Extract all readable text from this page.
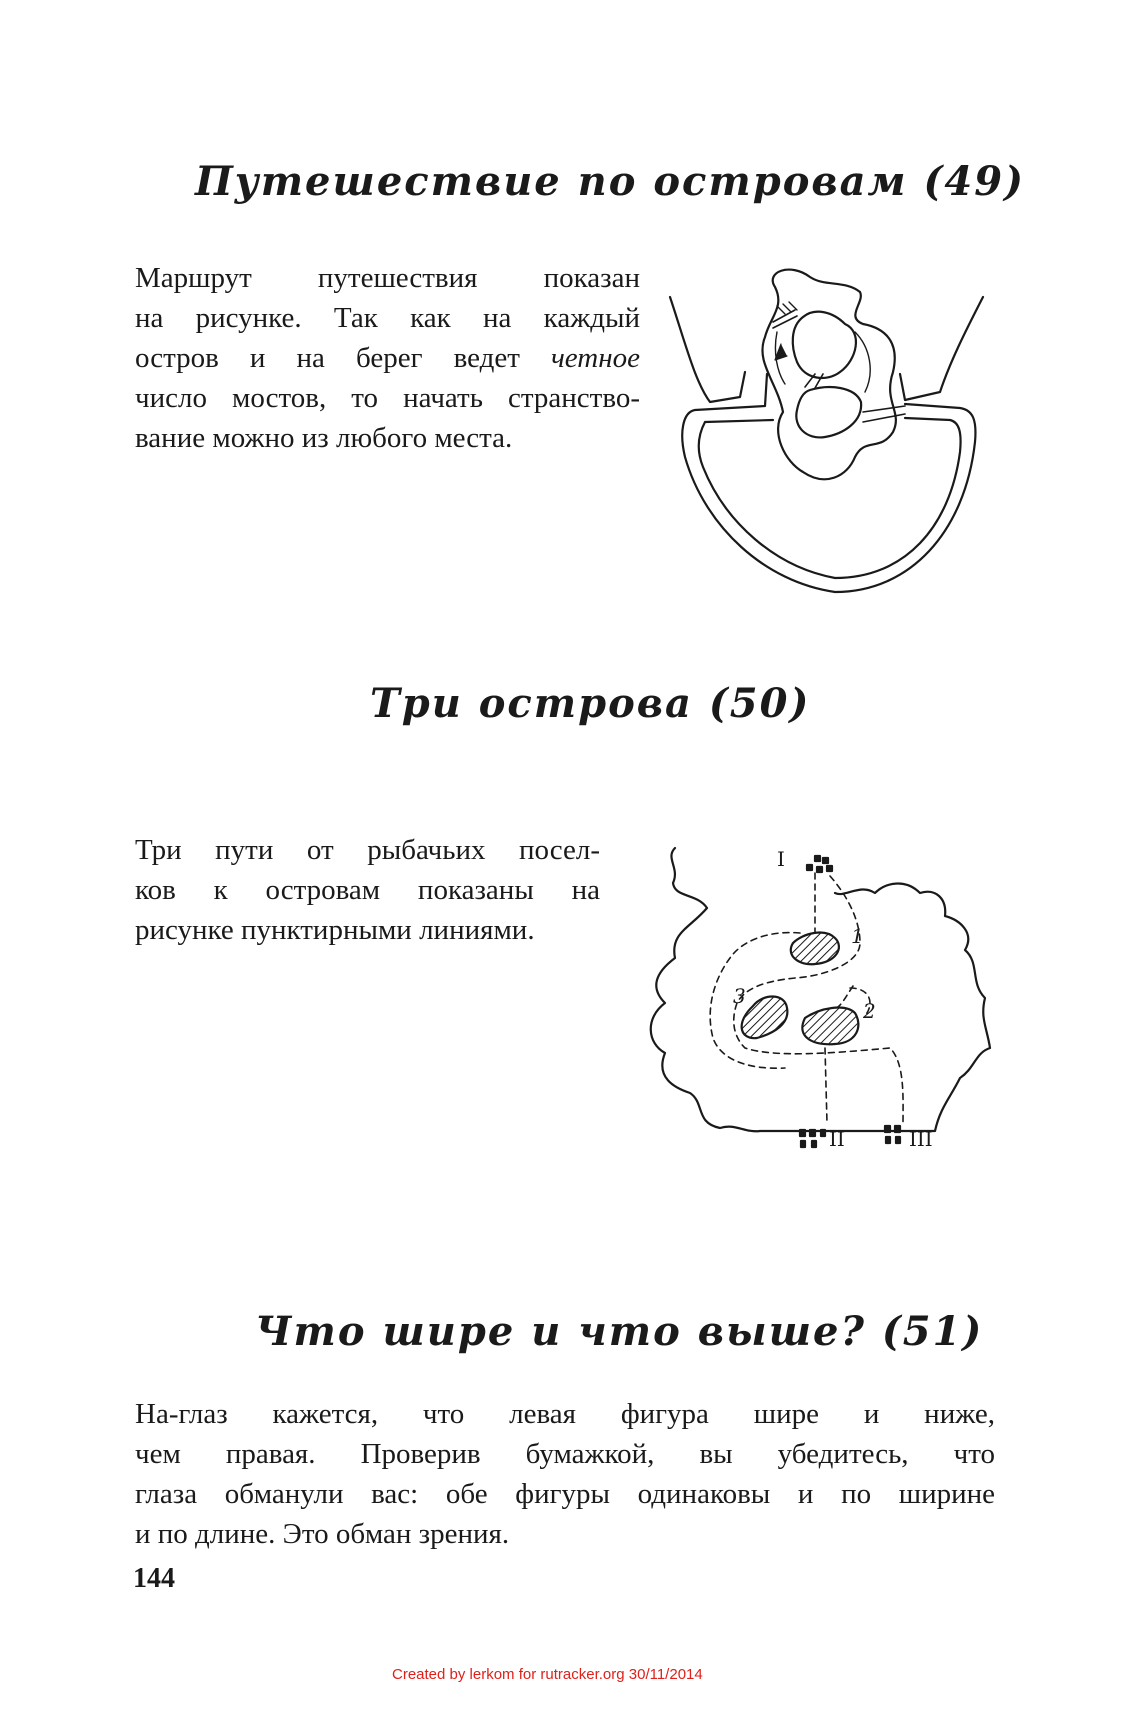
Путешествие по островам (49)

Маршрут путешествия показан
на рисунке. Так как на каждый
остров и на берег ведет четное
число мостов, то начать странство-
вание можно из любого места.

Три острова (50)

Три пути от рыбачьих посел-
ков к островам показаны на
рисунке пунктирными линиями.

I
II	III
1
2
3
Что шире и что выше? (51)

На-глаз кажется, что левая фигура шире и ниже,
чем правая. Проверив бумажкой, вы убедитесь, что
глаза обманули вас: обе фигуры одинаковы и по ширине
и по длине. Это обман зрения.

144

Created by lerkom for rutracker.org 30/11/2014
